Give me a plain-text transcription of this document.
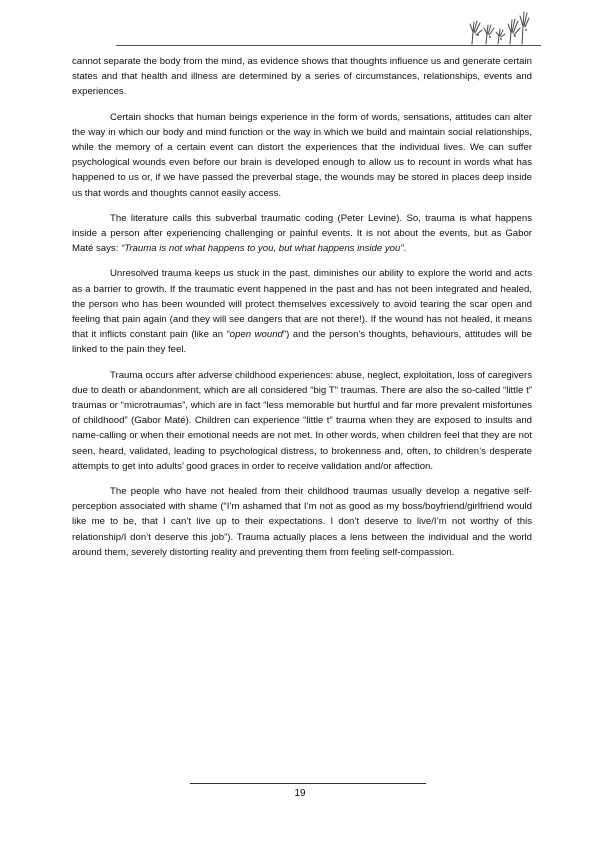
cannot separate the body from the mind, as evidence shows that thoughts influence us and generate certain states and that health and illness are determined by a series of circumstances, relationships, events and experiences.

Certain shocks that human beings experience in the form of words, sensations, attitudes can alter the way in which our body and mind function or the way in which we build and maintain social relationships, while the memory of a certain event can distort the experiences that the individual lives. We can suffer psychological wounds even before our brain is developed enough to allow us to recount in words what has happened to us or, if we have passed the preverbal stage, the wounds may be stored in places deep inside us that words and thoughts cannot easily access.

The literature calls this subverbal traumatic coding (Peter Levine). So, trauma is what happens inside a person after experiencing challenging or painful events. It is not about the events, but as Gabor Maté says: “Trauma is not what happens to you, but what happens inside you”.

Unresolved trauma keeps us stuck in the past, diminishes our ability to explore the world and acts as a barrier to growth. If the traumatic event happened in the past and has not been integrated and healed, the person who has been wounded will protect themselves excessively to avoid tearing the scar open and feeling that pain again (and they will see dangers that are not there!). If the wound has not healed, it means that it inflicts constant pain (like an “open wound”) and the person’s thoughts, behaviours, attitudes will be linked to the pain they feel.

Trauma occurs after adverse childhood experiences: abuse, neglect, exploitation, loss of caregivers due to death or abandonment, which are all considered “big T” traumas. There are also the so-called “little t” traumas or “microtraumas”, which are in fact “less memorable but hurtful and far more prevalent misfortunes of childhood” (Gabor Maté). Children can experience “little t” trauma when they are exposed to insults and name-calling or when their emotional needs are not met. In other words, when children feel that they are not seen, heard, validated, leading to psychological distress, to brokenness and, often, to children’s desperate attempts to get into adults’ good graces in order to receive validation and/or affection.

The people who have not healed from their childhood traumas usually develop a negative self-perception associated with shame (“I’m ashamed that I’m not as good as my boss/boyfriend/girlfriend would like me to be, that I can’t live up to their expectations. I don’t deserve to live/I’m not worthy of this relationship/I don’t deserve this job”). Trauma actually places a lens between the individual and the world around them, severely distorting reality and preventing them from feeling self-compassion.

19
